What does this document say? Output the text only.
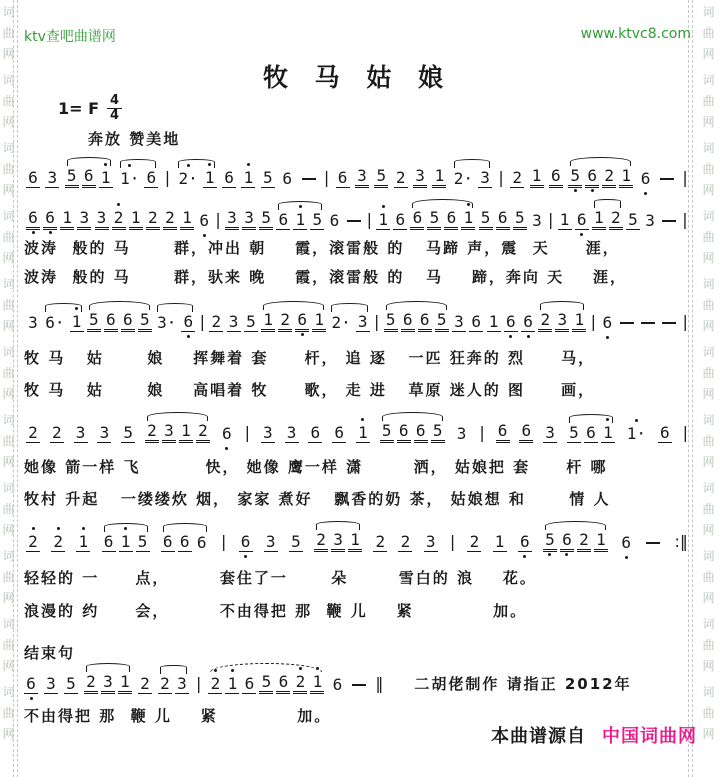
词
曲
网
词
曲
网
词
曲
网
词
曲
网
词
曲
网
词
曲
网
词
曲
网
词
曲
网
词
曲
网
词
曲
网
词
曲
网
词
曲
网
词
曲
网
词
曲
网
词
曲
网
词
曲
网
词
曲
网
词
曲
网
词
曲
网
词
曲
网
词
曲
网
词
曲
网
ktv查吧曲谱网	www.ktvc8.com
牧 马 姑 娘
1= F 4
4
奔放 赞美地
6 3 5 6 1 1· 6 | 2· 1 6 1 5 6 | 6 3 5 2 3 1 2· 3 | 2 1 6 5 6 2 1 6 |
6 6 1 3 3 2 1 2 2 1 6 | 3 3 5 6 1 5 6 | 1 6 6 5 6 1 5 6 5 3 | 1 6 1 2 5 3 |
波涛  般的 马      群，冲出 朝    霞，滚雷般 的   马蹄 声，震  天     涯，
波涛  般的 马      群，驮来 晚    霞，滚雷般 的   马    蹄，奔向 天    涯，
3 6· 1 5 6 6 5 3· 6 | 2 3 5 1 2 6 1 2· 3 | 5 6 6 5 3 6 1 6 6 2 3 1 | 6	|
牧 马   姑      娘    挥舞着 套     杆， 追 逐   一匹 狂奔的 烈     马，
牧 马   姑      娘    高唱着 牧     歌， 走 进   草原 迷人的 图     画，
2 2 3 3 5 2 3 1 2 6 | 3 3 6 6 1 5 6 6 5 3 | 6 6 3 5 6 1 1· 6 |
她像 箭一样 飞         快， 她像 鹰一样 潇       洒， 姑娘把 套     杆 哪
牧村 升起   一缕缕炊 烟， 家家 煮好   飘香的奶 茶， 姑娘想 和      情 人
2 2 1 6 1 5 6 6 6 | 6 3 5 2 3 1 2 2 3 | 2 1 6 5 6 2 1 6	:‖
轻轻的 一     点，       套住了一      朵       雪白的 浪    花。
浪漫的 约     会，       不由得把 那  鞭 儿    紧           加。
结束句
6 3 5 2 3 1 2 2 3 | 2 1 6 5 6 2 1 6 ‖ 二胡佬制作 请指正 2012年
不由得把 那  鞭 儿    紧           加。
本曲谱源自 中国词曲网
